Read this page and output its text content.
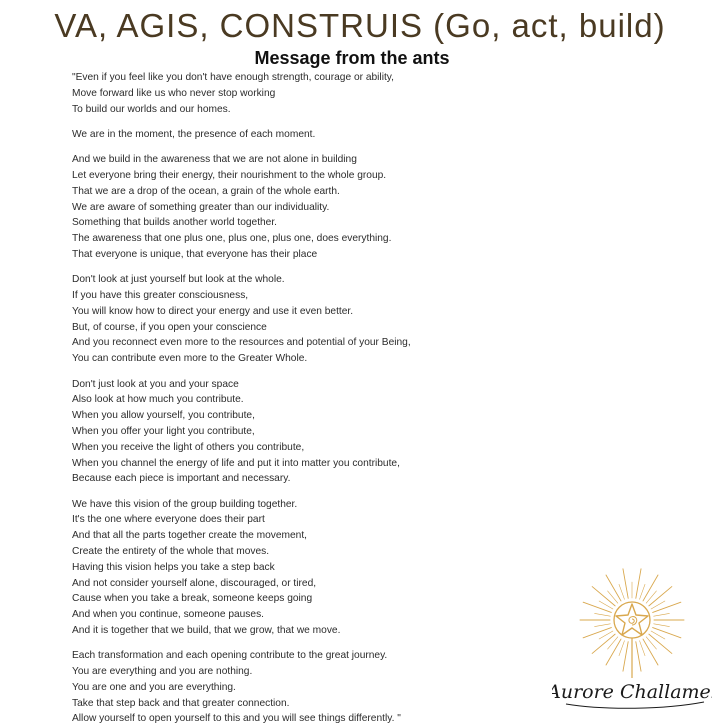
VA, AGIS, CONSTRUIS (Go, act, build)
Message from the ants
"Even if you feel like you don't have enough strength, courage or ability,
Move forward like us who never stop working
To build our worlds and our homes.
We are in the moment, the presence of each moment.
And we build in the awareness that we are not alone in building
Let everyone bring their energy, their nourishment to the whole group.
That we are a drop of the ocean, a grain of the whole earth.
We are aware of something greater than our individuality.
Something that builds another world together.
The awareness that one plus one, plus one, plus one, does everything.
That everyone is unique, that everyone has their place
Don't look at just yourself but look at the whole.
If you have this greater consciousness,
You will know how to direct your energy and use it even better.
But, of course, if you open your conscience
And you reconnect even more to the resources and potential of your Being,
You can contribute even more to the Greater Whole.
Don't just look at you and your space
Also look at how much you contribute.
When you allow yourself, you contribute,
When you offer your light you contribute,
When you receive the light of others you contribute,
When you channel the energy of life and put it into matter you contribute,
Because each piece is important and necessary.
We have this vision of the group building together.
It's the one where everyone does their part
And that all the parts together create the movement,
Create the entirety of the whole that moves.
Having this vision helps you take a step back
And not consider yourself alone, discouraged, or tired,
Cause when you take a break, someone keeps going
And when you continue, someone pauses.
And it is together that we build, that we grow, that we move.
Each transformation and each opening contribute to the great journey.
You are everything and you are nothing.
You are one and you are everything.
Take that step back and that greater connection.
Allow yourself to open yourself to this and you will see things differently. "
Aurore Challamel
